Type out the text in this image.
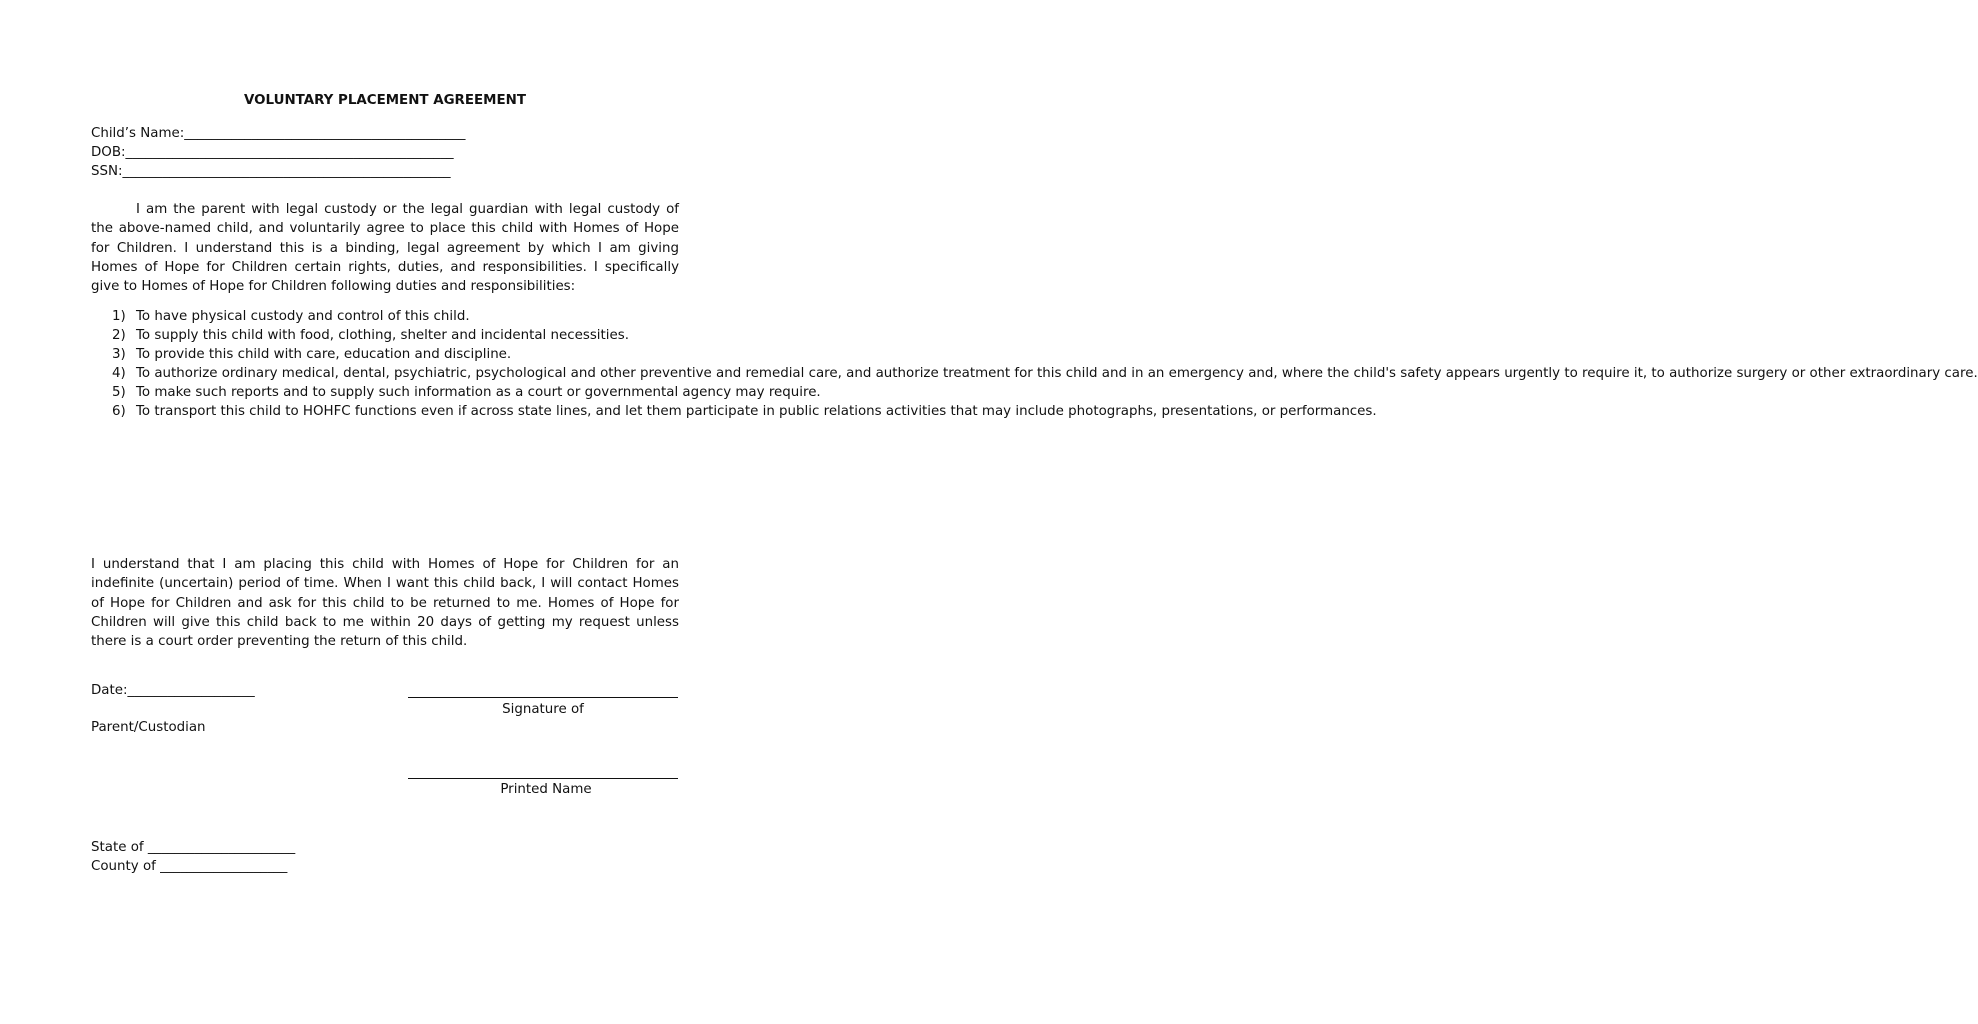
VOLUNTARY PLACEMENT AGREEMENT
Child’s Name:__________________________________________
DOB:_________________________________________________
SSN:_________________________________________________
I am the parent with legal custody or the legal guardian with legal custody of the above-named child, and voluntarily agree to place this child with Homes of Hope for Children. I understand this is a binding, legal agreement by which I am giving Homes of Hope for Children certain rights, duties, and responsibilities. I specifically give to Homes of Hope for Children following duties and responsibilities:
1) To have physical custody and control of this child.
2) To supply this child with food, clothing, shelter and incidental necessities.
3) To provide this child with care, education and discipline.
4) To authorize ordinary medical, dental, psychiatric, psychological and other preventive and remedial care, and authorize treatment for this child and in an emergency and, where the child's safety appears urgently to require it, to authorize surgery or other extraordinary care.
5) To make such reports and to supply such information as a court or governmental agency may require.
6) To transport this child to HOHFC functions even if across state lines, and let them participate in public relations activities that may include photographs, presentations, or performances.
I understand that I am placing this child with Homes of Hope for Children for an indefinite (uncertain) period of time. When I want this child back, I will contact Homes of Hope for Children and ask for this child to be returned to me. Homes of Hope for Children will give this child back to me within 20 days of getting my request unless there is a court order preventing the return of this child.
Date:___________________
Signature of
Parent/Custodian
Printed Name
State of ______________________
County of ___________________
